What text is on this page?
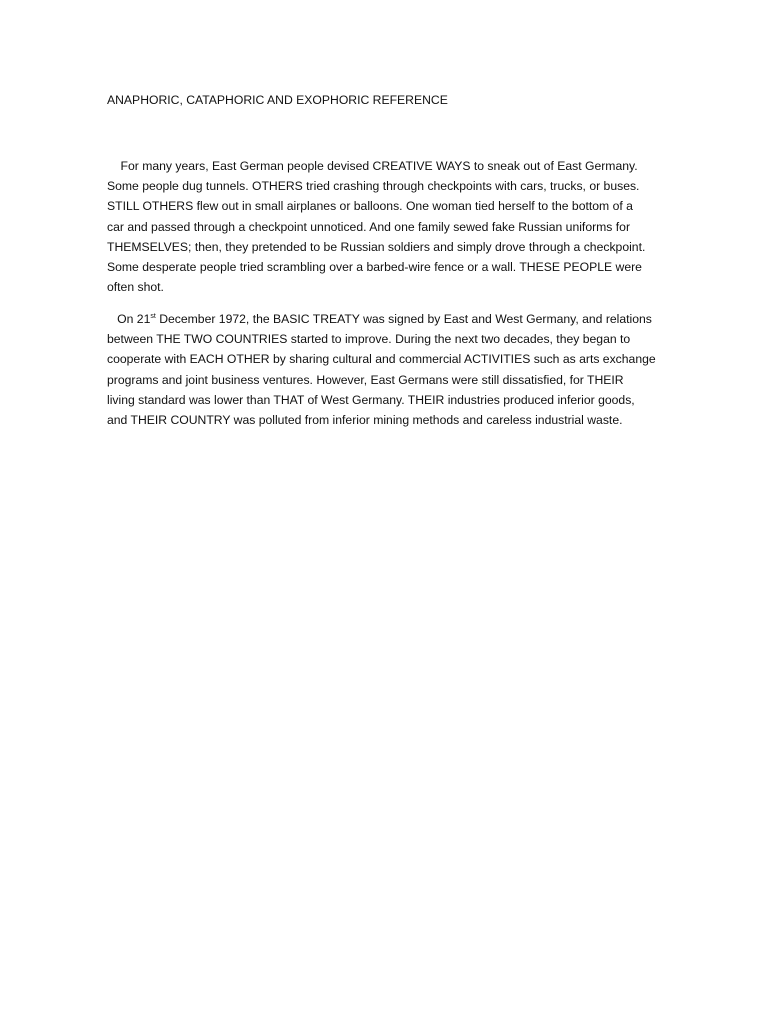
ANAPHORIC, CATAPHORIC AND EXOPHORIC REFERENCE
For many years, East German people devised CREATIVE WAYS to sneak out of East Germany.
Some people dug tunnels. OTHERS tried crashing through checkpoints with cars, trucks, or buses.
STILL OTHERS flew out in small airplanes or balloons. One woman tied herself to the bottom of a
car and passed through a checkpoint unnoticed. And one family sewed fake Russian uniforms for
THEMSELVES; then, they pretended to be Russian soldiers and simply drove through a checkpoint.
Some desperate people tried scrambling over a barbed-wire fence or a wall. THESE PEOPLE were
often shot.
On 21st December 1972, the BASIC TREATY was signed by East and West Germany, and relations
between THE TWO COUNTRIES started to improve. During the next two decades, they began to
cooperate with EACH OTHER by sharing cultural and commercial ACTIVITIES such as arts exchange
programs and joint business ventures. However, East Germans were still dissatisfied, for THEIR
living standard was lower than THAT of West Germany. THEIR industries produced inferior goods,
and THEIR COUNTRY was polluted from inferior mining methods and careless industrial waste.
